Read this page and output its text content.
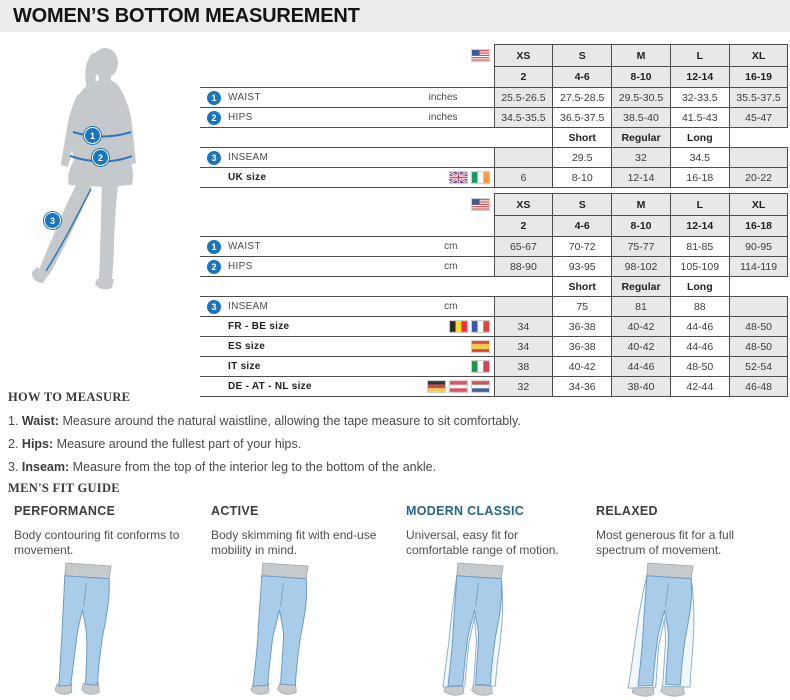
WOMEN’S BOTTOM MEASUREMENT
1
2
3
	XS	S	M	L	XL
	2	4-6	8-10	12-14	16-19

1 WAIST inches	25.5-26.5	27.5-28.5	29.5-30.5	32-33.5	35.5-37.5

2 HIPS inches	34.5-35.5	36.5-37.5	38.5-40	41.5-43	45-47
		Short	Regular	Long	

3 INSEAM		29.5	32	34.5	

UK size	6	8-10	12-14	16-18	20-22
	XS	S	M	L	XL
	2	4-6	8-10	12-14	16-18

1 WAIST cm	65-67	70-72	75-77	81-85	90-95

2 HIPS cm	88-90	93-95	98-102	105-109	114-119
		Short	Regular	Long	

3 INSEAM cm		75	81	88	

FR - BE size	34	36-38	40-42	44-46	48-50

ES size	34	36-38	40-42	44-46	48-50

IT size	38	40-42	44-46	48-50	52-54

DE - AT - NL size	32	34-36	38-40	42-44	46-48
HOW TO MEASURE
1. Waist: Measure around the natural waistline, allowing the tape measure to sit comfortably.
2. Hips: Measure around the fullest part of your hips.
3. Inseam: Measure from the top of the interior leg to the bottom of the ankle.
MEN'S FIT GUIDE
PERFORMANCE
Body contouring fit conforms to movement.
ACTIVE
Body skimming fit with end-use mobility in mind.
MODERN CLASSIC
Universal, easy fit for comfortable range of motion.
RELAXED
Most generous fit for a full spectrum of movement.
